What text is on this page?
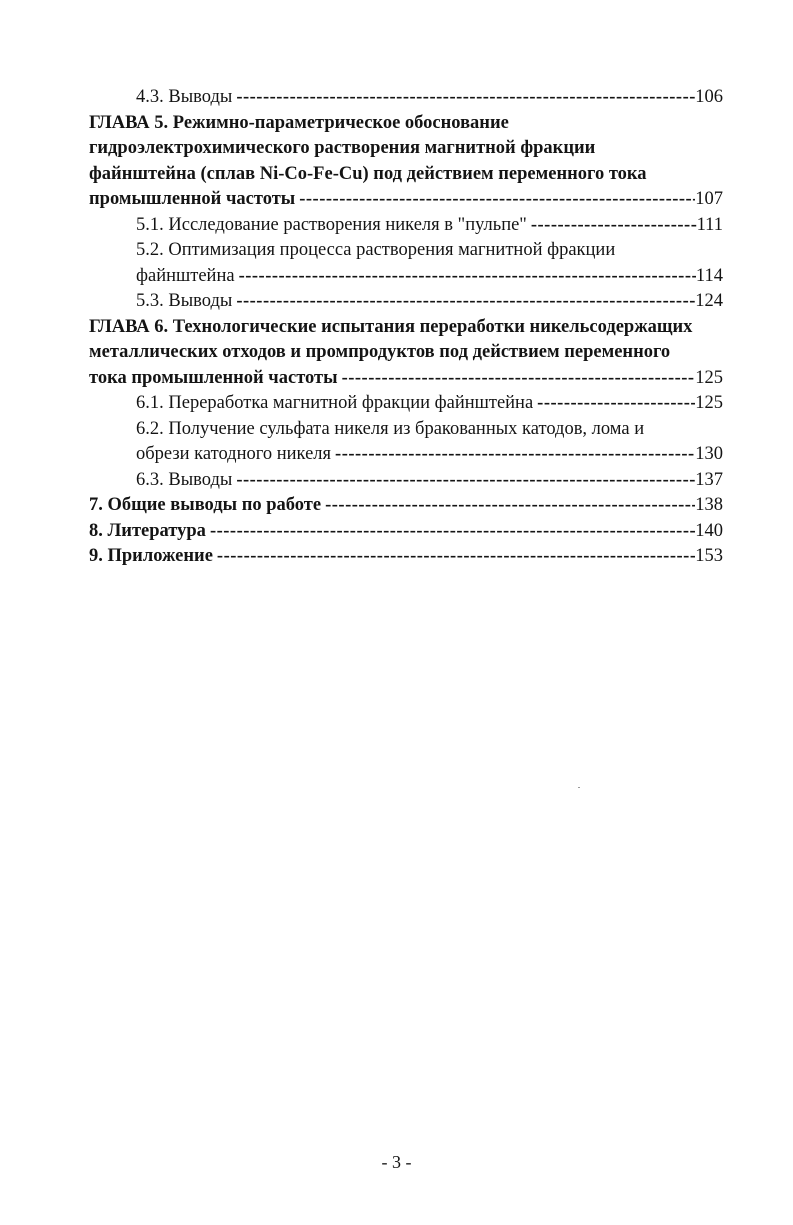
4.3. Выводы -----	106
ГЛАВА 5. Режимно-параметрическое обоснование
гидроэлектрохимического растворения магнитной фракции
файнштейна (сплав Ni-Co-Fe-Cu) под действием переменного тока
промышленной частоты -----	107
5.1. Исследование растворения никеля в "пульпе" -----	111
5.2. Оптимизация процесса растворения магнитной фракции
файнштейна -----	114
5.3. Выводы -----	124
ГЛАВА 6. Технологические испытания переработки никельсодержащих
металлических отходов и промпродуктов под действием переменного
тока промышленной частоты -----	125
6.1. Переработка магнитной фракции файнштейна -----	125
6.2. Получение сульфата никеля из бракованных катодов, лома и
обрези катодного никеля -----	130
6.3. Выводы -----	137
7. Общие выводы по работе -----	138
8. Литература -----	140
9. Приложение -----	153
- 3 -
